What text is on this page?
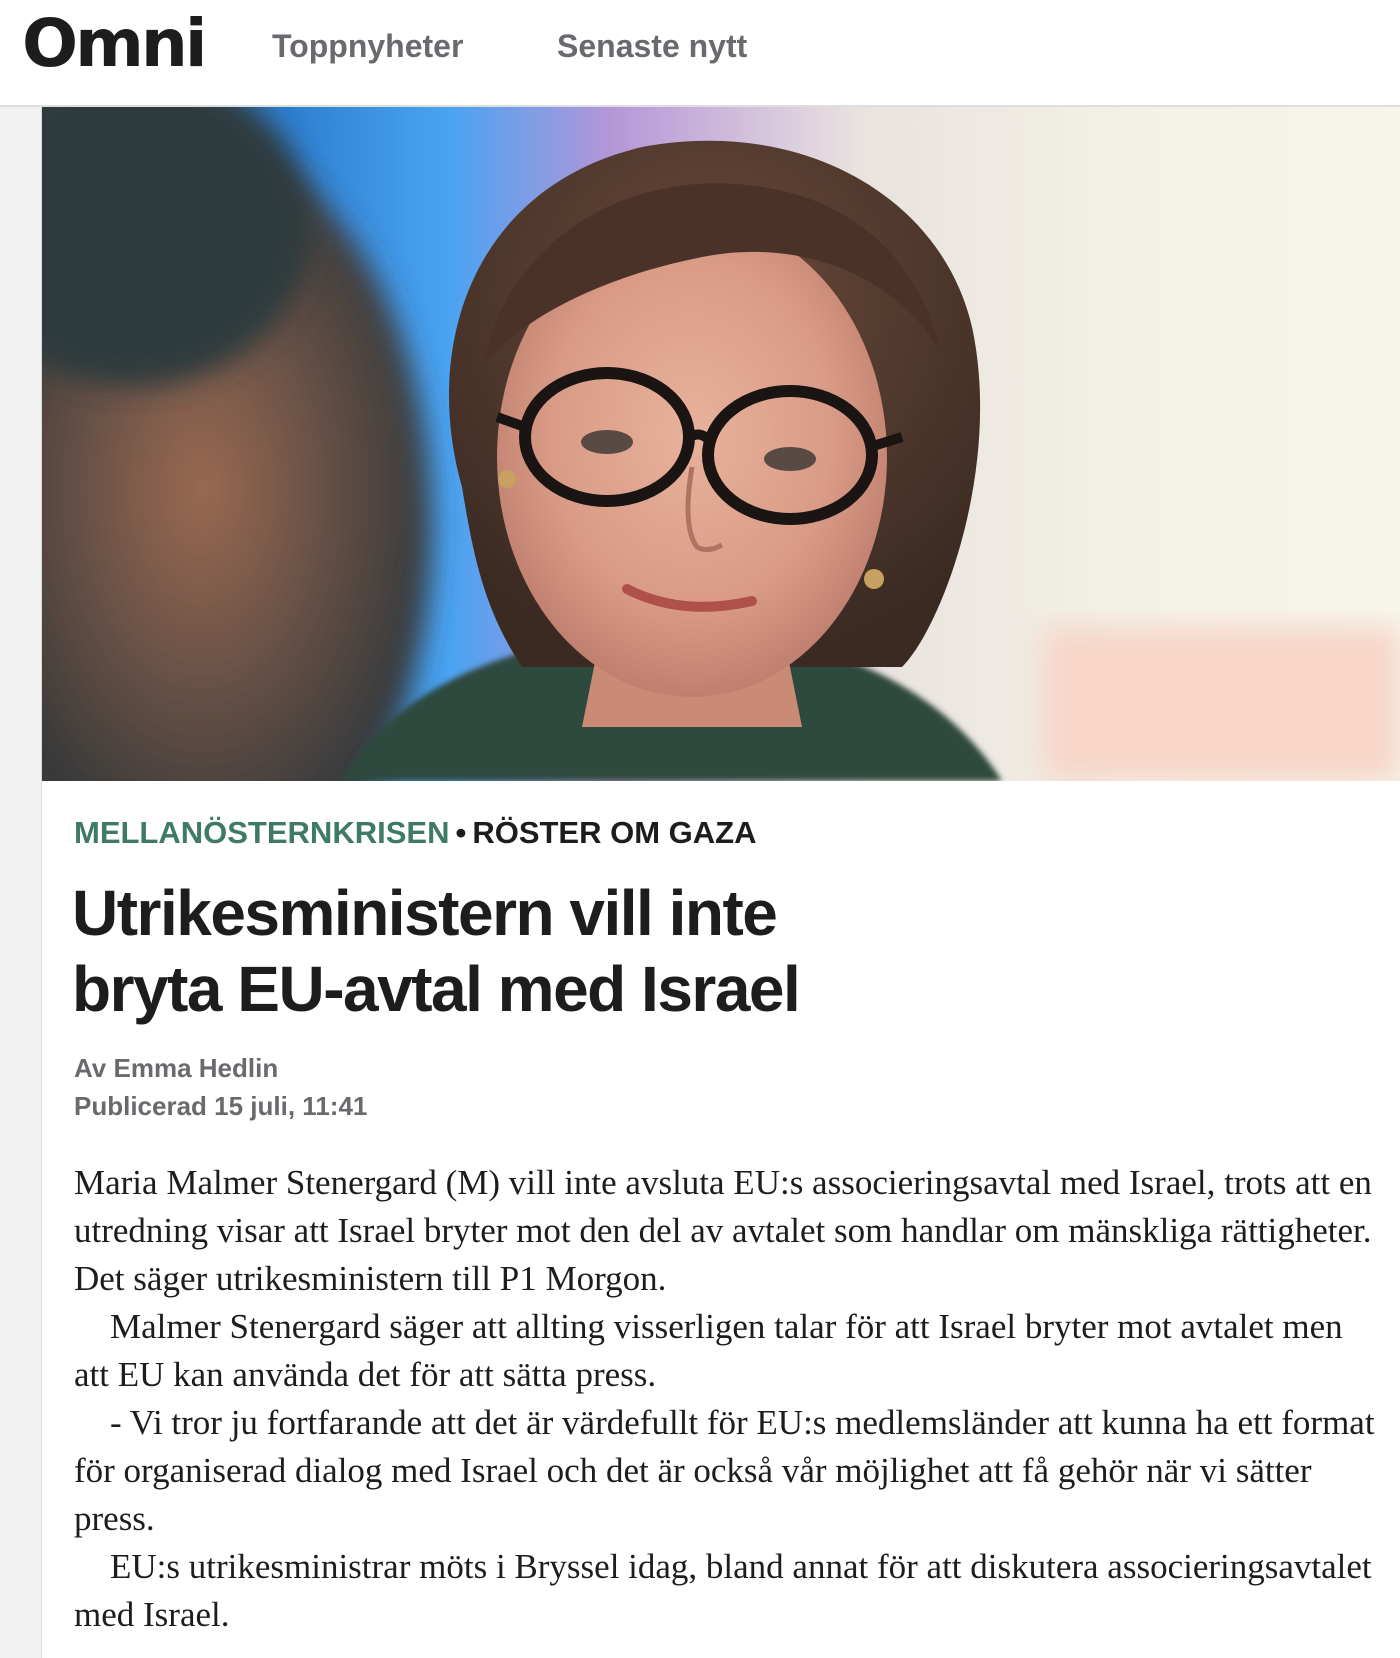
Omni Toppnyheter	Senaste nytt
MELLANÖSTERNKRISEN • RÖSTER OM GAZA
Utrikesministern vill inte
bryta EU-avtal med Israel
Av Emma Hedlin
Publicerad 15 juli, 11:41

Maria Malmer Stenergard (M) vill inte avsluta EU:s associeringsavtal med Israel, trots att en utredning visar att Israel bryter mot den del av avtalet som handlar om mänskliga rättigheter. Det säger utrikesministern till P1 Morgon.

Malmer Stenergard säger att allting visserligen talar för att Israel bryter mot avtalet men att EU kan använda det för att sätta press.

- Vi tror ju fortfarande att det är värdefullt för EU:s medlemsländer att kunna ha ett format för organiserad dialog med Israel och det är också vår möjlighet att få gehör när vi sätter press.

EU:s utrikesministrar möts i Bryssel idag, bland annat för att diskutera associeringsavtalet med Israel.
